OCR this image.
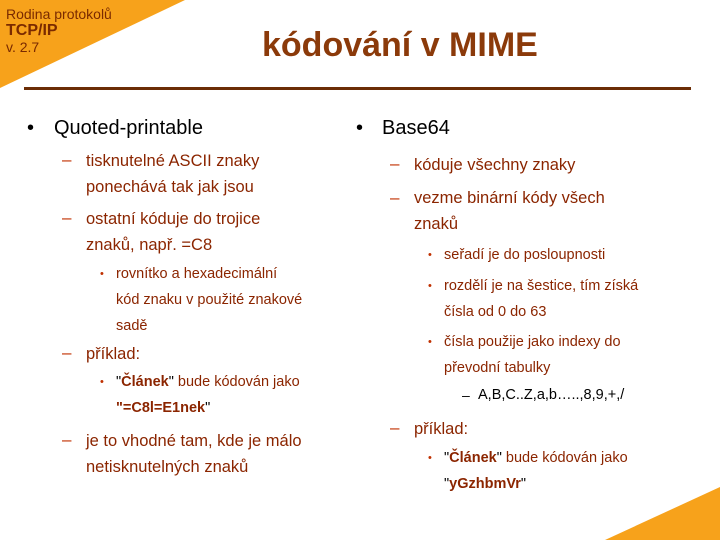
Rodina protokolů
TCP/IP
v. 2.7	kódování v MIME
• Quoted-printable
– tisknutelné ASCII znaky
ponechává tak jak jsou
– ostatní kóduje do trojice
znaků, např. =C8
• rovnítko a hexadecimální
kód znaku v použité znakové
sadě
– příklad:
• "Článek" bude kódován jako
"=C8l=E1nek"
– je to vhodné tam, kde je málo
netisknutelných znaků
• Base64
– kóduje všechny znaky
– vezme binární kódy všech
znaků
• seřadí je do posloupnosti
• rozdělí je na šestice, tím získá
čísla od 0 do 63
• čísla použije jako indexy do
převodní tabulky
– A,B,C..Z,a,b…..,8,9,+,/
– příklad:
• "Článek" bude kódován jako
"yGzhbmVr"
